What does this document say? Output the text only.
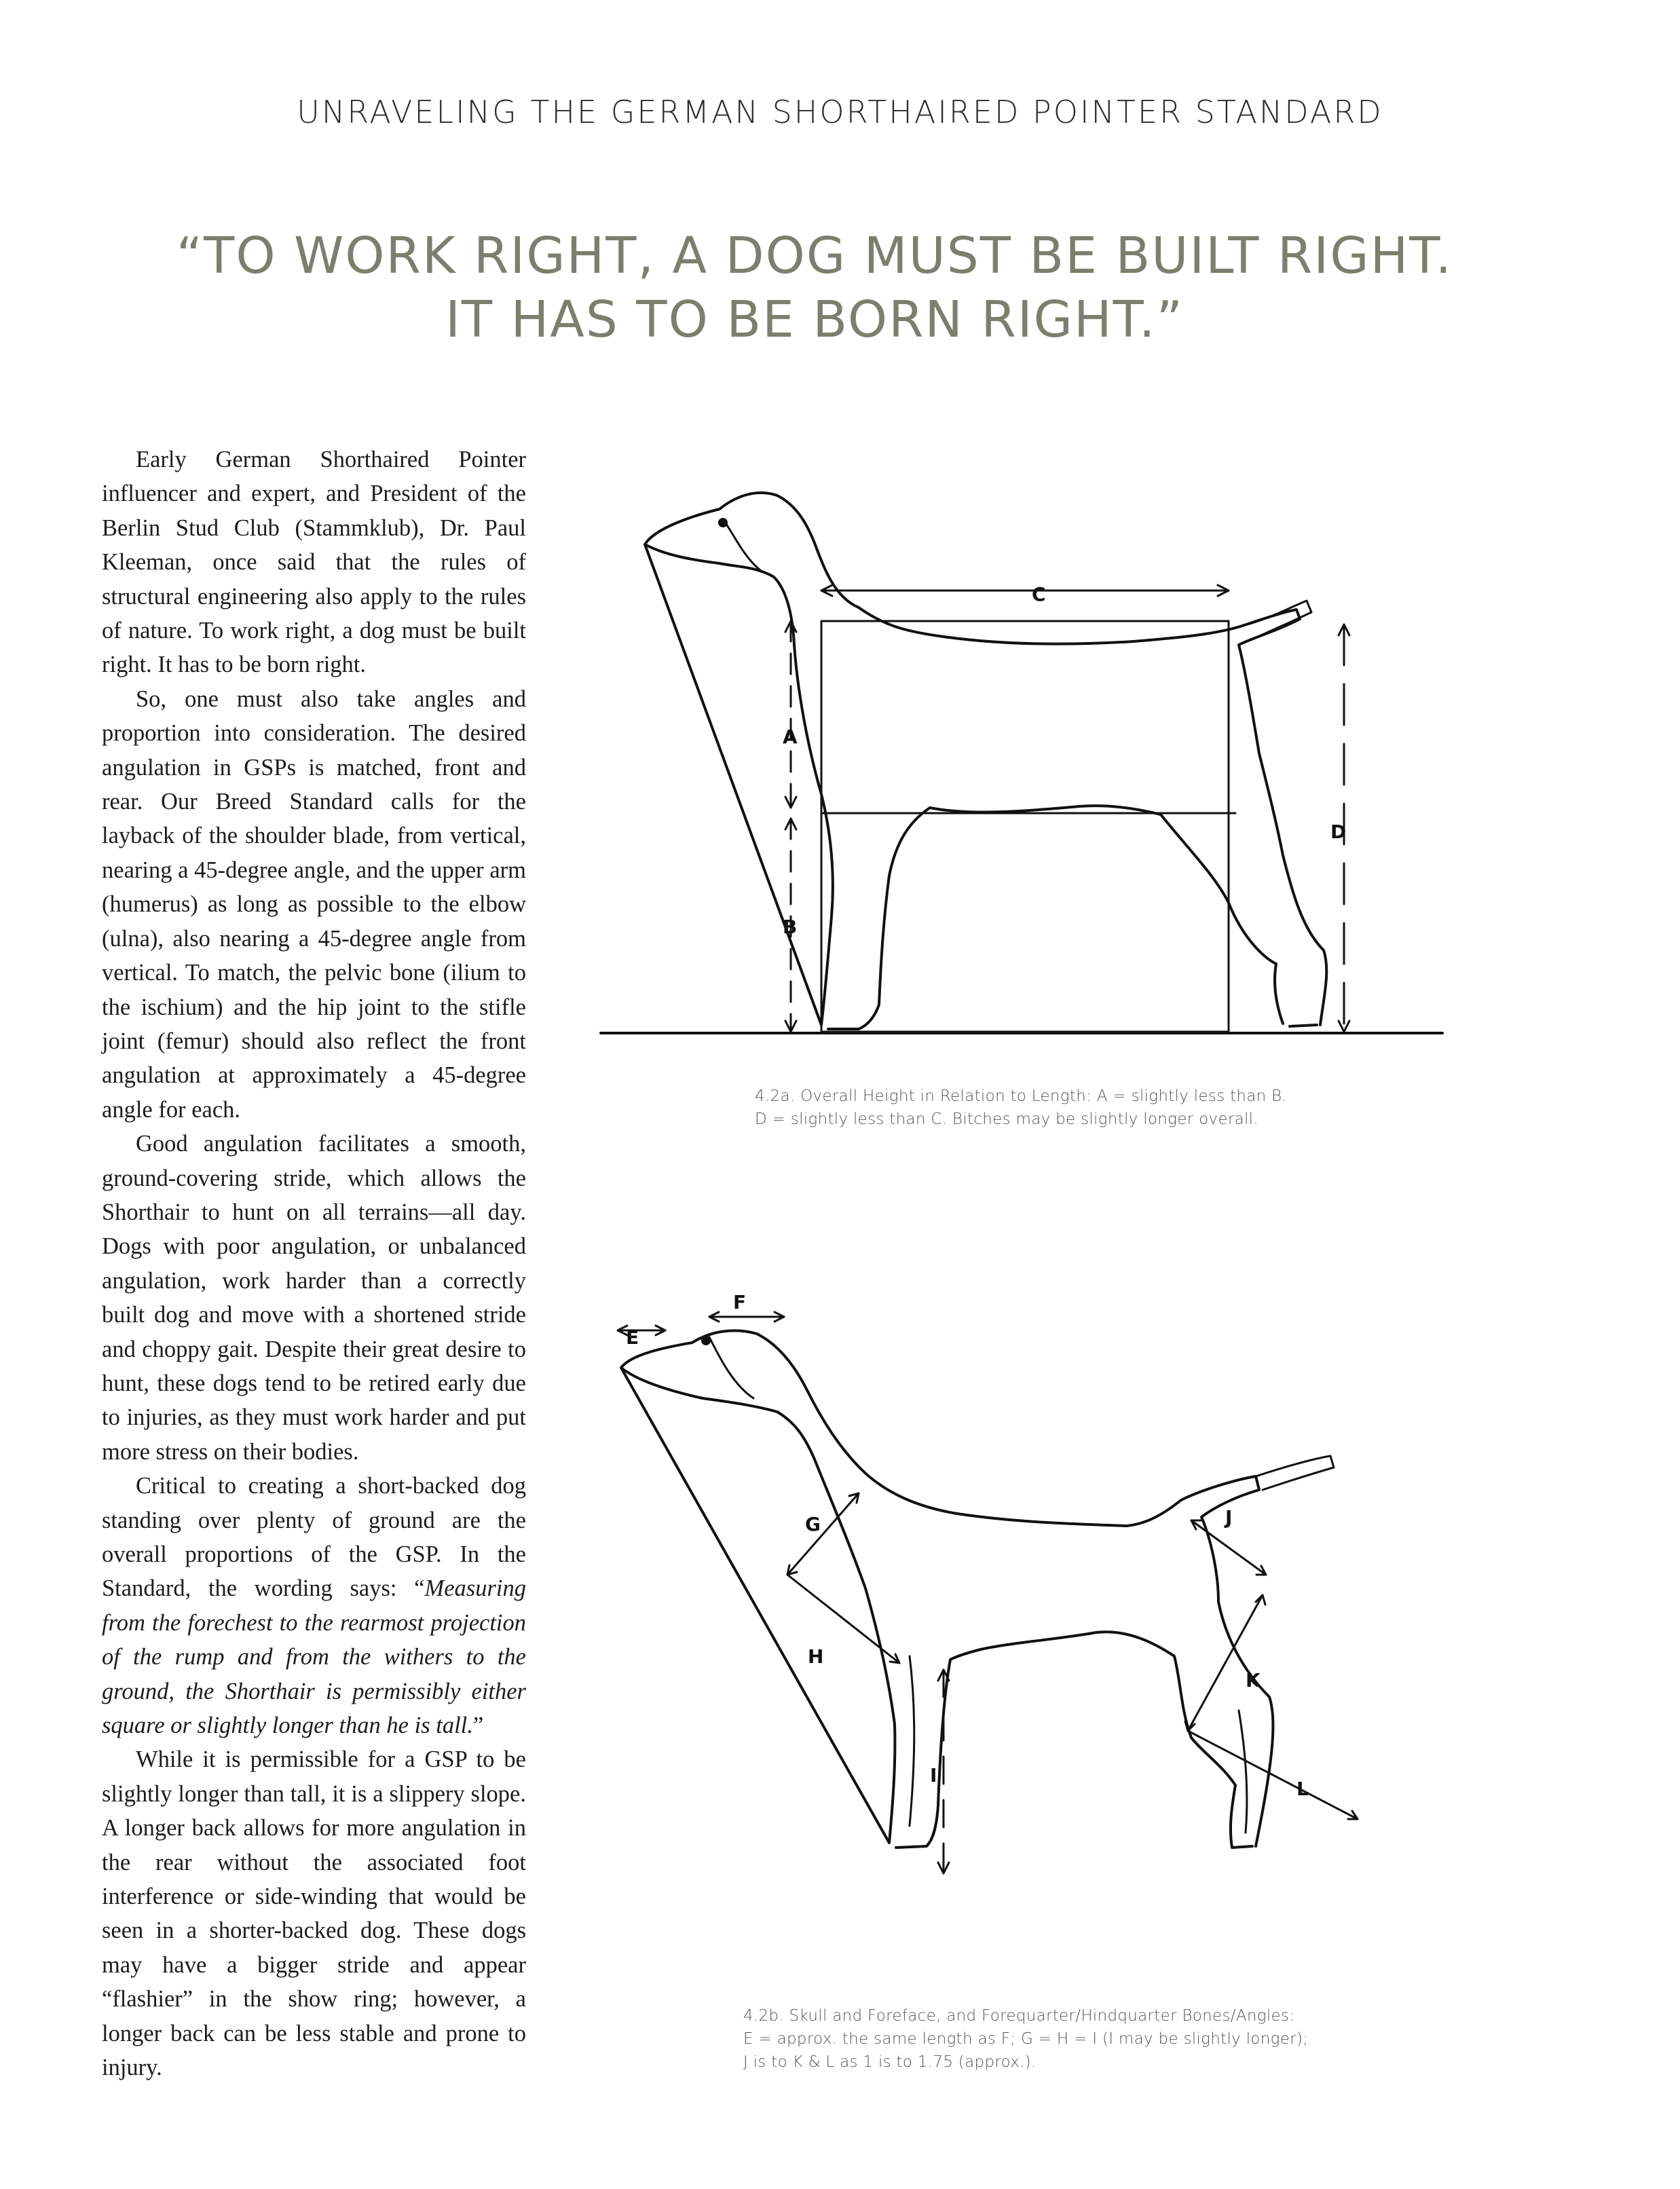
UNRAVELING THE GERMAN SHORTHAIRED POINTER STANDARD
“TO WORK RIGHT, A DOG MUST BE BUILT RIGHT.
IT HAS TO BE BORN RIGHT.”

Early German Shorthaired Pointer influencer and expert, and President of the Berlin Stud Club (Stammklub), Dr. Paul Kleeman, once said that the rules of structural engineering also apply to the rules of nature. To work right, a dog must be built right. It has to be born right.

So, one must also take angles and proportion into consideration. The desired angulation in GSPs is matched, front and rear. Our Breed Standard calls for the layback of the shoulder blade, from vertical, nearing a 45-degree angle, and the upper arm (humerus) as long as possible to the elbow (ulna), also nearing a 45-degree angle from vertical. To match, the pelvic bone (ilium to the ischium) and the hip joint to the stifle joint (femur) should also reflect the front angulation at approximately a 45-degree angle for each.

Good angulation facilitates a smooth, ground-covering stride, which allows the Shorthair to hunt on all terrains—all day. Dogs with poor angulation, or unbalanced angulation, work harder than a correctly built dog and move with a shortened stride and choppy gait. Despite their great desire to hunt, these dogs tend to be retired early due to injuries, as they must work harder and put more stress on their bodies.

Critical to creating a short-backed dog standing over plenty of ground are the overall proportions of the GSP. In the Standard, the wording says: “Measuring from the forechest to the rearmost projection of the rump and from the withers to the ground, the Shorthair is permissibly either square or slightly longer than he is tall.”

While it is permissible for a GSP to be slightly longer than tall, it is a slippery slope. A longer back allows for more angulation in the rear without the associated foot interference or side-winding that would be seen in a shorter-backed dog. These dogs may have a bigger stride and appear “flashier” in the show ring; however, a longer back can be less stable and prone to injury.

C
A
B
D
4.2a. Overall Height in Relation to Length: A = slightly less than B.
D = slightly less than C. Bitches may be slightly longer overall.
E
F
G
H
I
J
K
L
4.2b. Skull and Foreface, and Forequarter/Hindquarter Bones/Angles:
E = approx. the same length as F; G = H = I (I may be slightly longer);
J is to K & L as 1 is to 1.75 (approx.).
